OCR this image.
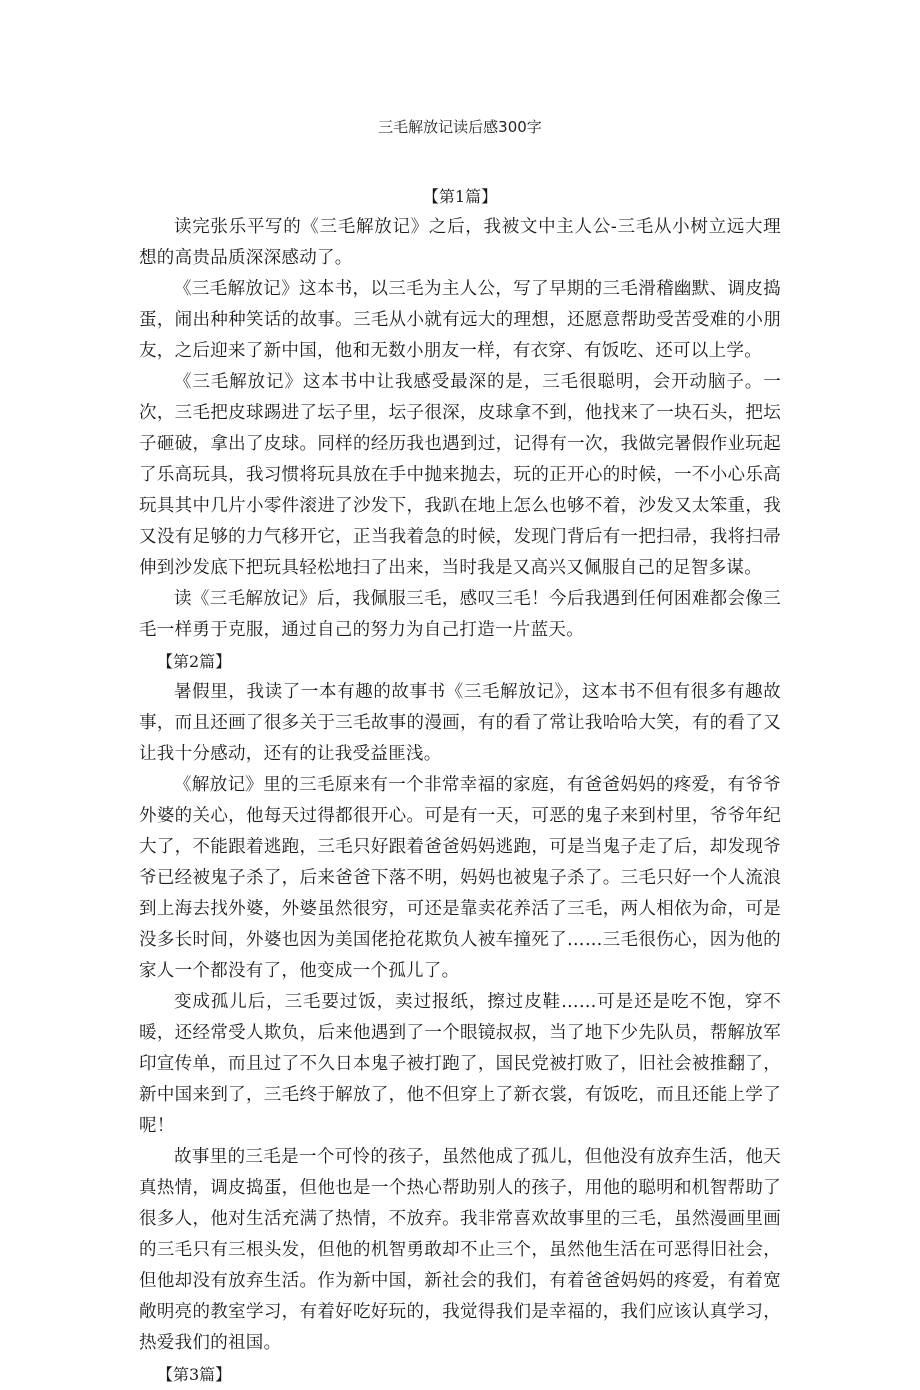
三毛解放记读后感300字
【第1篇】

读完张乐平写的《三毛解放记》之后，我被文中主人公-三毛从小树立远大理想的高贵品质深深感动了。

《三毛解放记》这本书，以三毛为主人公，写了早期的三毛滑稽幽默、调皮捣蛋，闹出种种笑话的故事。三毛从小就有远大的理想，还愿意帮助受苦受难的小朋友，之后迎来了新中国，他和无数小朋友一样，有衣穿、有饭吃、还可以上学。

《三毛解放记》这本书中让我感受最深的是，三毛很聪明，会开动脑子。一次，三毛把皮球踢进了坛子里，坛子很深，皮球拿不到，他找来了一块石头，把坛子砸破，拿出了皮球。同样的经历我也遇到过，记得有一次，我做完暑假作业玩起了乐高玩具，我习惯将玩具放在手中抛来抛去，玩的正开心的时候，一不小心乐高玩具其中几片小零件滚进了沙发下，我趴在地上怎么也够不着，沙发又太笨重，我又没有足够的力气移开它，正当我着急的时候，发现门背后有一把扫帚，我将扫帚伸到沙发底下把玩具轻松地扫了出来，当时我是又高兴又佩服自己的足智多谋。

读《三毛解放记》后，我佩服三毛，感叹三毛！今后我遇到任何困难都会像三毛一样勇于克服，通过自己的努力为自己打造一片蓝天。

【第2篇】

暑假里，我读了一本有趣的故事书《三毛解放记》，这本书不但有很多有趣故事，而且还画了很多关于三毛故事的漫画，有的看了常让我哈哈大笑，有的看了又让我十分感动，还有的让我受益匪浅。

《解放记》里的三毛原来有一个非常幸福的家庭，有爸爸妈妈的疼爱，有爷爷外婆的关心，他每天过得都很开心。可是有一天，可恶的鬼子来到村里，爷爷年纪大了，不能跟着逃跑，三毛只好跟着爸爸妈妈逃跑，可是当鬼子走了后，却发现爷爷已经被鬼子杀了，后来爸爸下落不明，妈妈也被鬼子杀了。三毛只好一个人流浪到上海去找外婆，外婆虽然很穷，可还是靠卖花养活了三毛，两人相依为命，可是没多长时间，外婆也因为美国佬抢花欺负人被车撞死了……三毛很伤心，因为他的家人一个都没有了，他变成一个孤儿了。

变成孤儿后，三毛要过饭，卖过报纸，擦过皮鞋……可是还是吃不饱，穿不暖，还经常受人欺负，后来他遇到了一个眼镜叔叔，当了地下少先队员，帮解放军印宣传单，而且过了不久日本鬼子被打跑了，国民党被打败了，旧社会被推翻了，新中国来到了，三毛终于解放了，他不但穿上了新衣裳，有饭吃，而且还能上学了呢！

故事里的三毛是一个可怜的孩子，虽然他成了孤儿，但他没有放弃生活，他天真热情，调皮捣蛋，但他也是一个热心帮助别人的孩子，用他的聪明和机智帮助了很多人，他对生活充满了热情，不放弃。我非常喜欢故事里的三毛，虽然漫画里画的三毛只有三根头发，但他的机智勇敢却不止三个，虽然他生活在可恶得旧社会，但他却没有放弃生活。作为新中国，新社会的我们，有着爸爸妈妈的疼爱，有着宽敞明亮的教室学习，有着好吃好玩的，我觉得我们是幸福的，我们应该认真学习，热爱我们的祖国。

【第3篇】
